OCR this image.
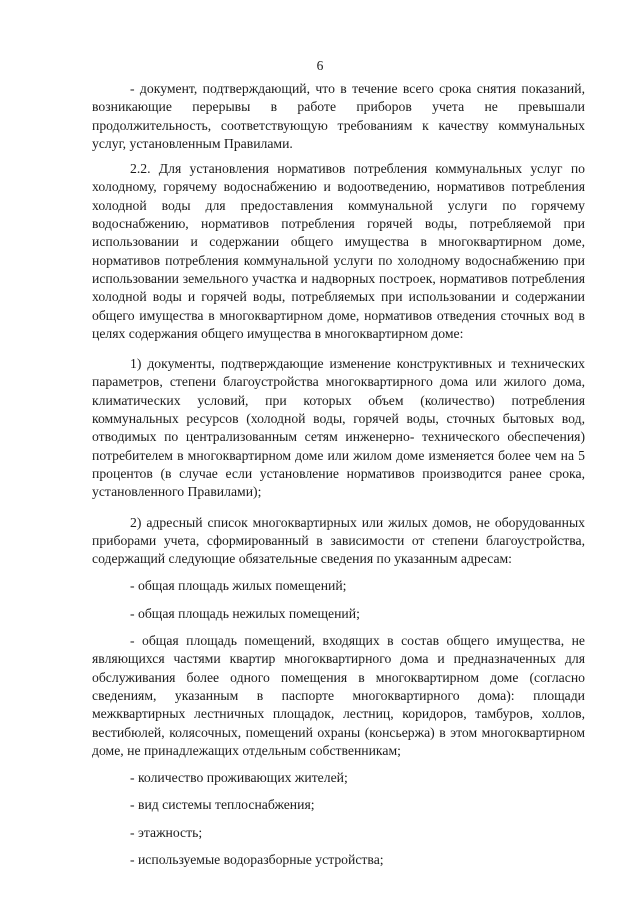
6

- документ, подтверждающий, что в течение всего срока снятия показаний, возникающие перерывы в работе приборов учета не превышали продолжительность, соответствующую требованиям к качеству коммунальных услуг, установленным Правилами.

2.2. Для установления нормативов потребления коммунальных услуг по холодному, горячему водоснабжению и водоотведению, нормативов потребления холодной воды для предоставления коммунальной услуги по горячему водоснабжению, нормативов потребления горячей воды, потребляемой при использовании и содержании общего имущества в многоквартирном доме, нормативов потребления коммунальной услуги по холодному водоснабжению при использовании земельного участка и надворных построек, нормативов потребления холодной воды и горячей воды, потребляемых при использовании и содержании общего имущества в многоквартирном доме, нормативов отведения сточных вод в целях содержания общего имущества в многоквартирном доме:

1) документы, подтверждающие изменение конструктивных и технических параметров, степени благоустройства многоквартирного дома или жилого дома, климатических условий, при которых объем (количество) потребления коммунальных ресурсов (холодной воды, горячей воды, сточных бытовых вод, отводимых по централизованным сетям инженерно- технического обеспечения) потребителем в многоквартирном доме или жилом доме изменяется более чем на 5 процентов (в случае если установление нормативов производится ранее срока, установленного Правилами);

2) адресный список многоквартирных или жилых домов, не оборудованных приборами учета, сформированный в зависимости от степени благоустройства, содержащий следующие обязательные сведения по указанным адресам:

- общая площадь жилых помещений;

- общая площадь нежилых помещений;

- общая площадь помещений, входящих в состав общего имущества, не являющихся частями квартир многоквартирного дома и предназначенных для обслуживания более одного помещения в многоквартирном доме (согласно сведениям, указанным в паспорте многоквартирного дома): площади межквартирных лестничных площадок, лестниц, коридоров, тамбуров, холлов, вестибюлей, колясочных, помещений охраны (консьержа) в этом многоквартирном доме, не принадлежащих отдельным собственникам;

- количество проживающих жителей;

- вид системы теплоснабжения;

- этажность;

- используемые водоразборные устройства;
